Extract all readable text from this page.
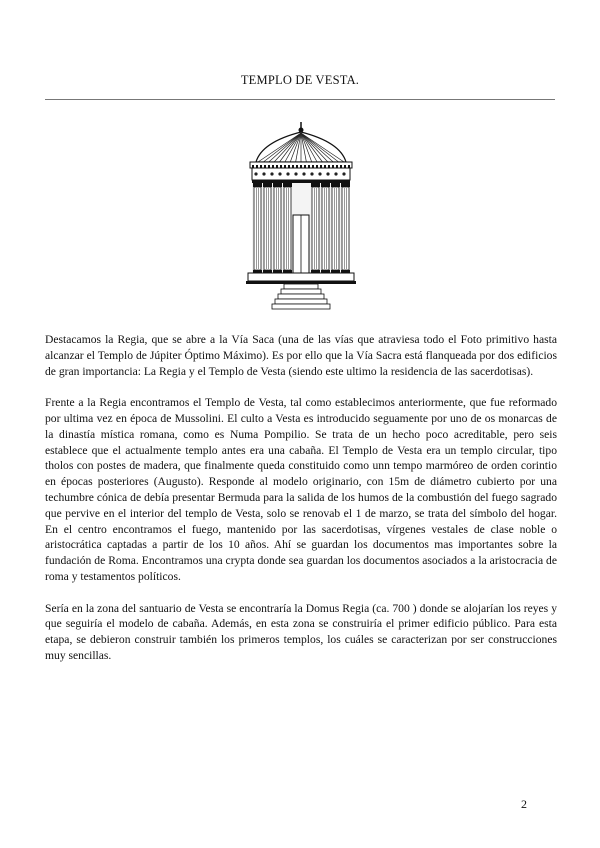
TEMPLO DE VESTA.

Destacamos la Regia, que se abre a la Vía Saca (una de las vías que atraviesa todo el Foto primitivo hasta alcanzar el Templo de Júpiter Óptimo Máximo). Es por ello que la Vía Sacra está flanqueada por dos edificios de gran importancia: La Regia y el Templo de Vesta (siendo este ultimo la residencia de las sacerdotisas).

Frente a la Regia encontramos el Templo de Vesta, tal como establecimos anteriormente, que fue reformado por ultima vez en época de Mussolini. El culto a Vesta es introducido seguamente por uno de os monarcas de la dinastía mística romana, como es Numa Pompilio. Se trata de un hecho poco acreditable, pero seis establece que el actualmente templo antes era una cabaña. El Templo de Vesta era un templo circular, tipo tholos con postes de madera, que finalmente queda constituido como unn tempo marmóreo de orden corintio en épocas posteriores (Augusto). Responde al modelo originario, con 15m de diámetro cubierto por una techumbre cónica de debía presentar Bermuda para la salida de los humos de la combustión del fuego sagrado que pervive en el interior del templo de Vesta, solo se renovab el 1 de marzo, se trata del símbolo del hogar. En el centro encontramos el fuego, mantenido por las sacerdotisas, vírgenes vestales de clase noble o aristocrática captadas a partir de los 10 años. Ahí se guardan los documentos mas importantes sobre la fundación de Roma. Encontramos una crypta donde sea guardan los documentos asociados a la aristocracia de roma y testamentos políticos.

Sería en la zona del santuario de Vesta se encontraría la Domus Regia (ca. 700 ) donde se alojarían los reyes y que seguiría el modelo de cabaña. Además, en esta zona se construiría el primer edificio público. Para esta etapa, se debieron construir también los primeros templos, los cuáles se caracterizan por ser construcciones muy sencillas.

2
